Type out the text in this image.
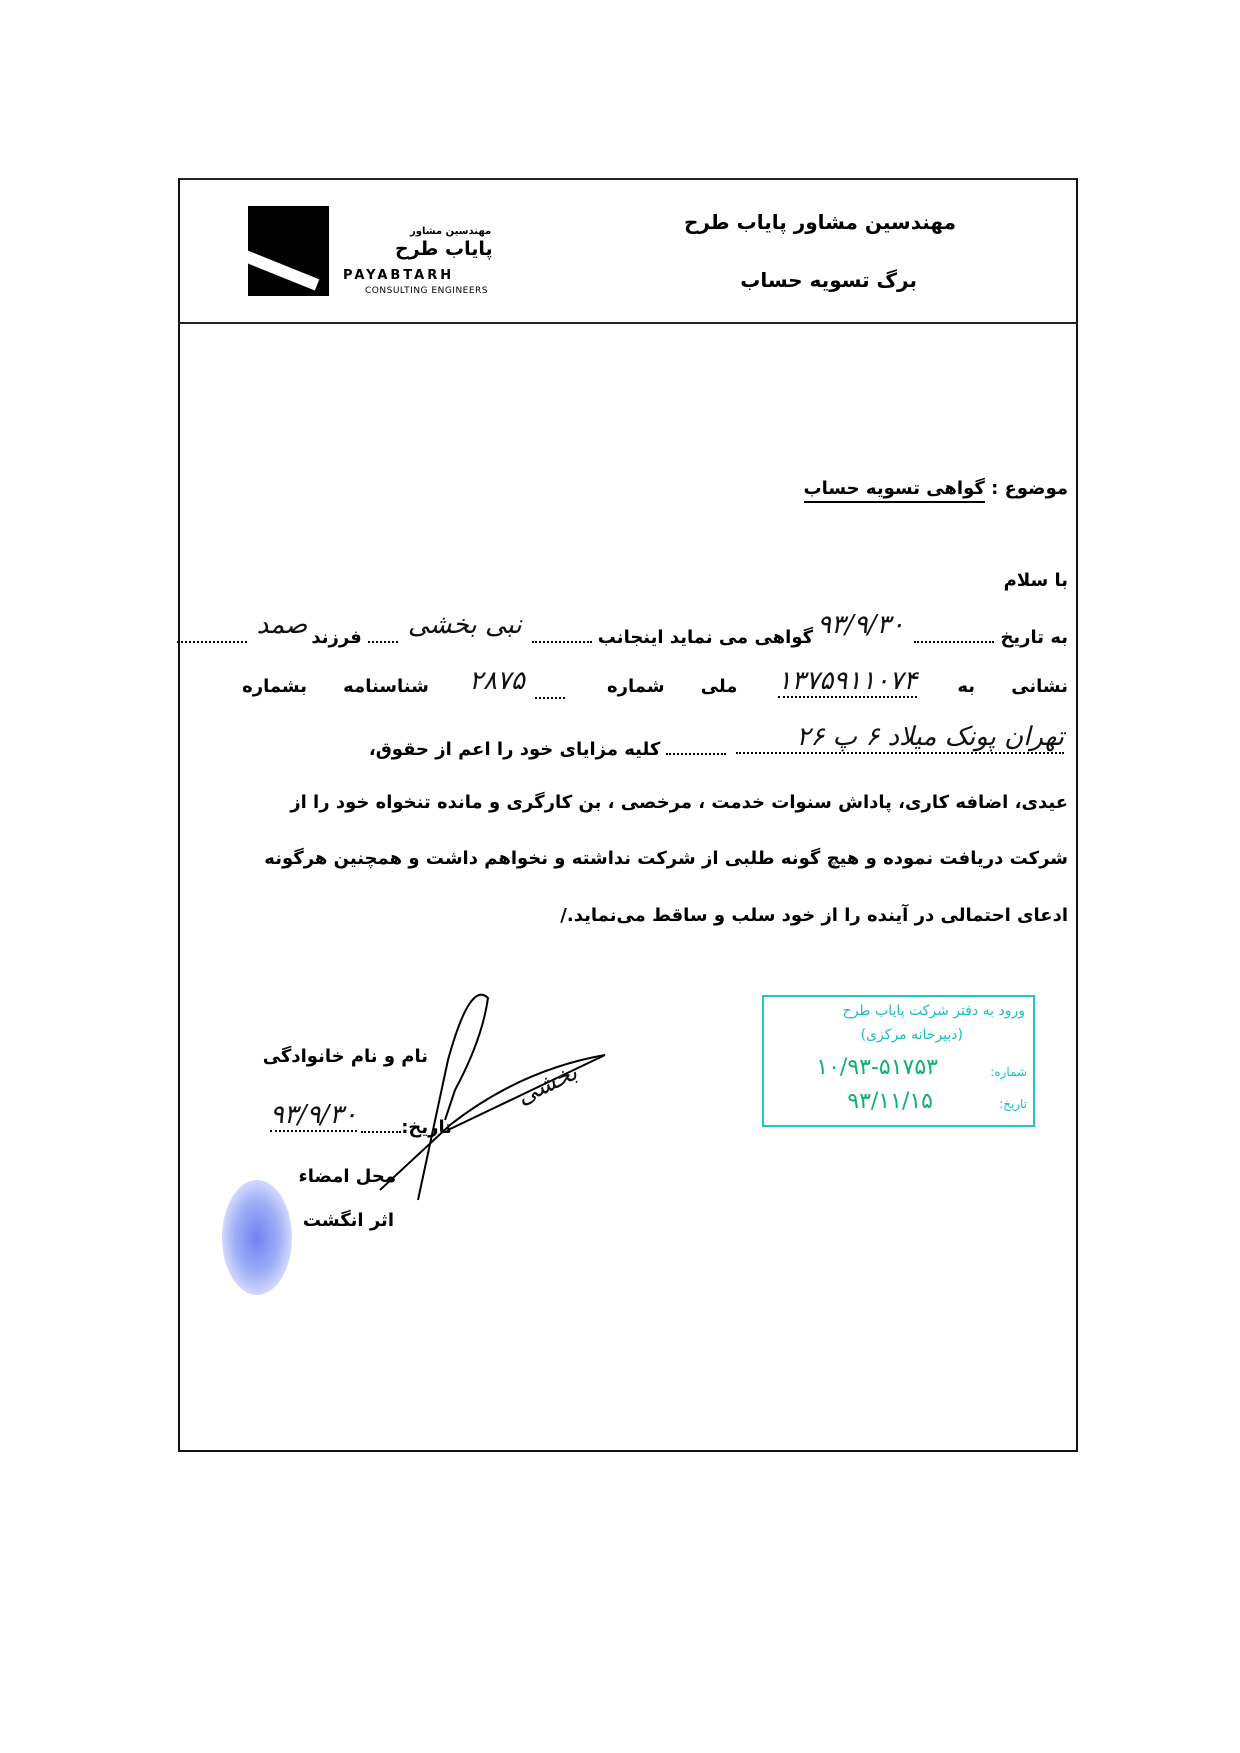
مهندسین مشاور
پایاب طرح
PAYABTARH
CONSULTING ENGINEERS
مهندسین مشاور پایاب طرح
برگ تسویه حساب
موضوع : گواهی تسویه حساب
با سلام
به تاریخ۹۳/۹/۳۰گواهی می نماید اینجانبنبی بخشیفرزندصمد
بشماره شناسنامه ۲۸۷۵	شماره ملی ۱۳۷۵۹۱۱۰۷۴ به نشانی
تهران پونک میلاد ۶ پ ۲۶کلیه مزایای خود را اعم از حقوق،
عیدی، اضافه کاری، پاداش سنوات خدمت ، مرخصی ، بن کارگری و مانده تنخواه خود را از
شرکت دریافت نموده و هیچ گونه طلبی از شرکت نداشته و نخواهم داشت و همچنین هرگونه
ادعای احتمالی در آینده را از خود سلب و ساقط می‌نماید./
نام و نام خانوادگی
تاریخ:۹۳/۹/۳۰
محل امضاء
اثر انگشت
بخشی
ورود به دفتر شرکت پایاب طرح
(دبیرخانه مرکزی)
شماره:
۱۰/۹۳-۵۱۷۵۳
تاریخ:
۹۳/۱۱/۱۵
